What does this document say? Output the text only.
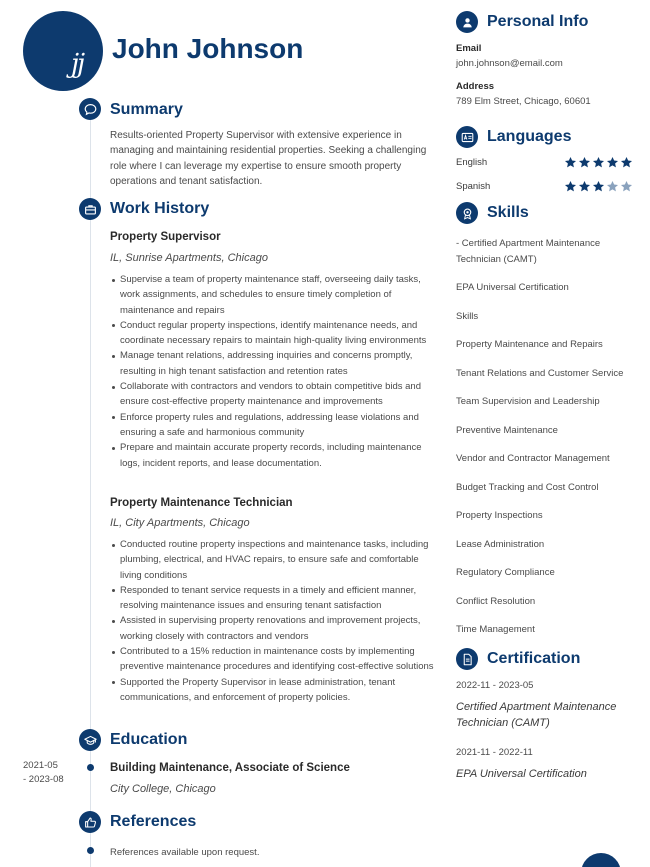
jj John Johnson
Summary

Results-oriented Property Supervisor with extensive experience in managing and maintaining residential properties. Seeking a challenging role where I can leverage my expertise to ensure smooth property operations and tenant satisfaction.

Work History
Property Supervisor
IL, Sunrise Apartments, Chicago
Supervise a team of property maintenance staff, overseeing daily tasks, work assignments, and schedules to ensure timely completion of maintenance and repairs
Conduct regular property inspections, identify maintenance needs, and coordinate necessary repairs to maintain high-quality living environments
Manage tenant relations, addressing inquiries and concerns promptly, resulting in high tenant satisfaction and retention rates
Collaborate with contractors and vendors to obtain competitive bids and ensure cost-effective property maintenance and improvements
Enforce property rules and regulations, addressing lease violations and ensuring a safe and harmonious community
Prepare and maintain accurate property records, including maintenance logs, incident reports, and lease documentation.
Property Maintenance Technician
IL, City Apartments, Chicago
Conducted routine property inspections and maintenance tasks, including plumbing, electrical, and HVAC repairs, to ensure safe and comfortable living conditions
Responded to tenant service requests in a timely and efficient manner, resolving maintenance issues and ensuring tenant satisfaction
Assisted in supervising property renovations and improvement projects, working closely with contractors and vendors
Contributed to a 15% reduction in maintenance costs by implementing preventive maintenance procedures and identifying cost-effective solutions
Supported the Property Supervisor in lease administration, tenant communications, and enforcement of property policies.
Education
2021-05
- 2023-08
Building Maintenance, Associate of Science
City College, Chicago
References
References available upon request.
Personal Info
Email
john.johnson@email.com
Address
789 Elm Street, Chicago, 60601
Languages
English
Spanish
Skills
- Certified Apartment Maintenance Technician (CAMT)
EPA Universal Certification
Skills
Property Maintenance and Repairs
Tenant Relations and Customer Service
Team Supervision and Leadership
Preventive Maintenance
Vendor and Contractor Management
Budget Tracking and Cost Control
Property Inspections
Lease Administration
Regulatory Compliance
Conflict Resolution
Time Management
Certification
2022-11 - 2023-05
Certified Apartment Maintenance Technician (CAMT)
2021-11 - 2022-11
EPA Universal Certification
